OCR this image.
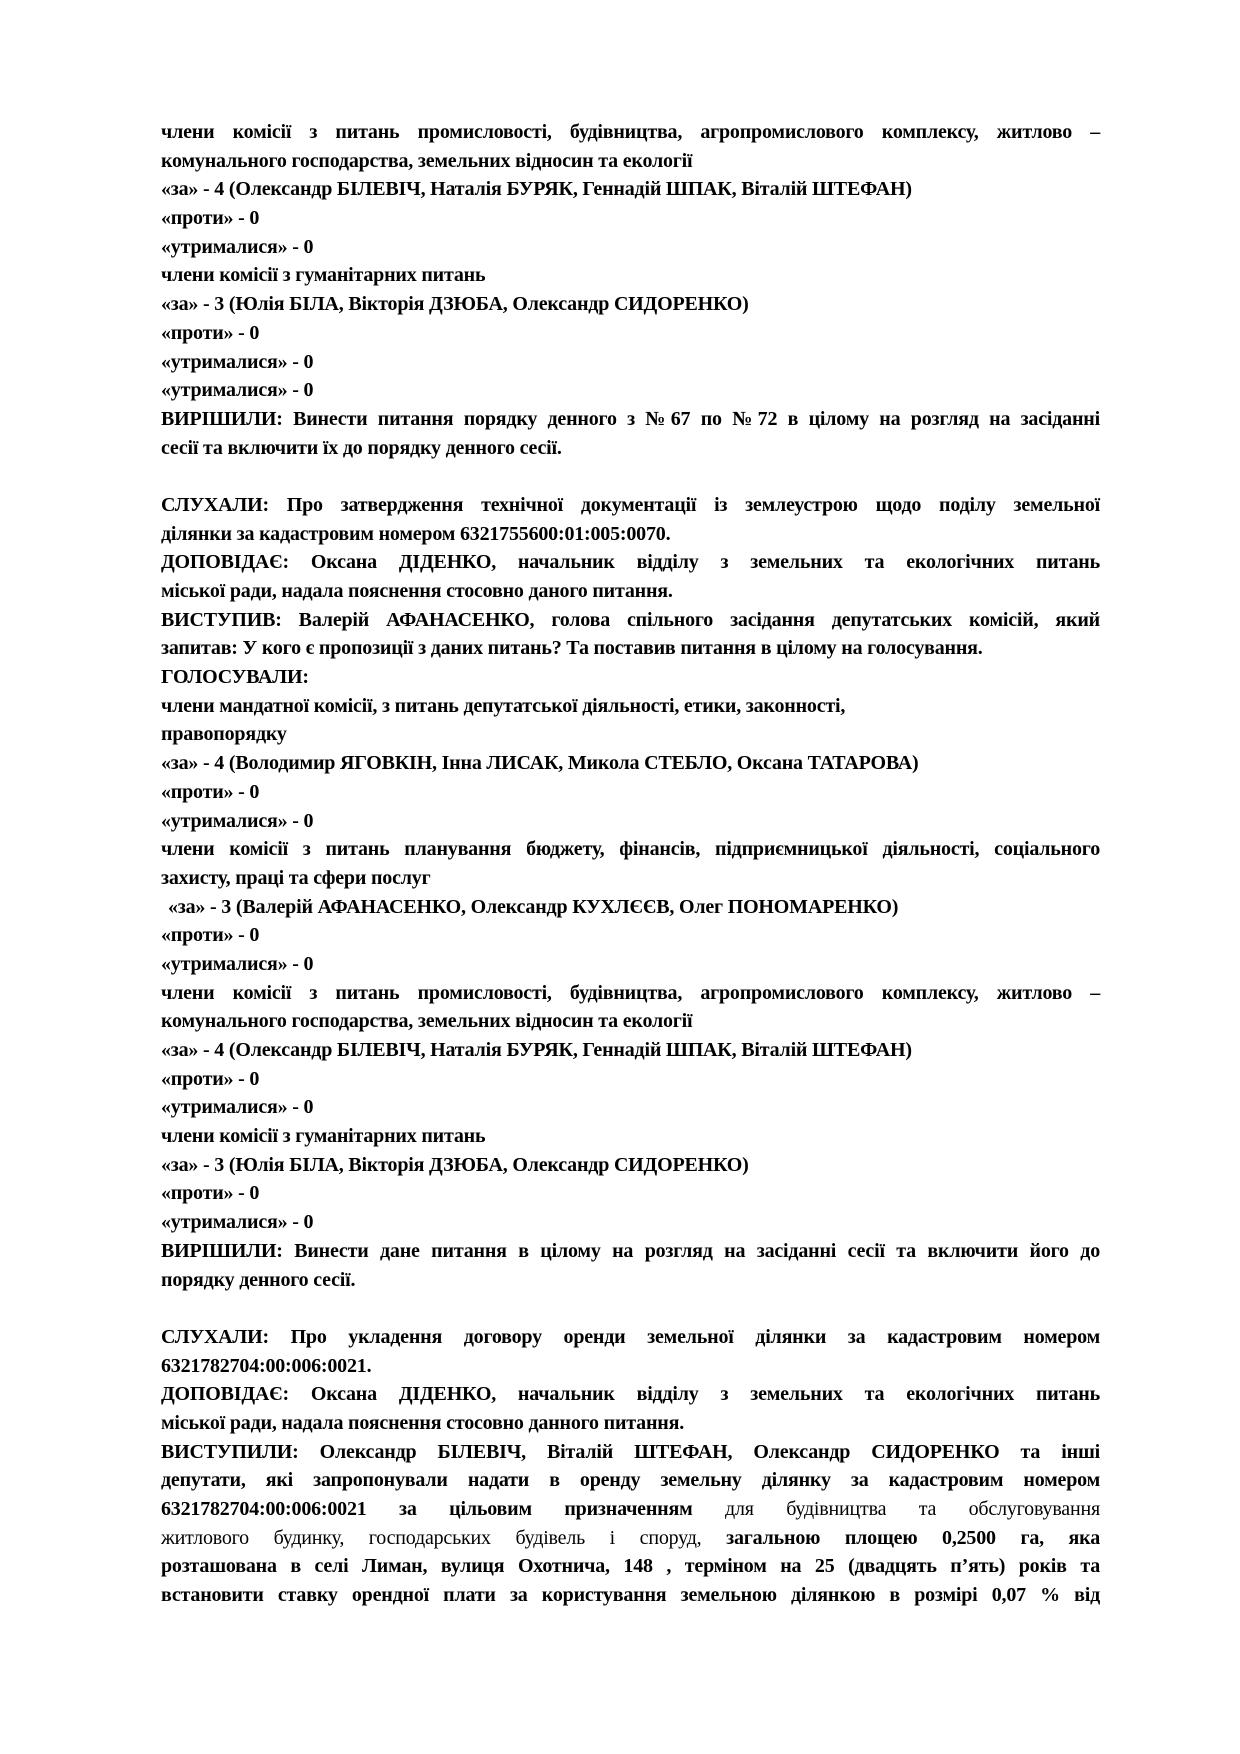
члени комісії з питань промисловості, будівництва, агропромислового комплексу, житлово –
комунального господарства, земельних відносин та екології
«за» - 4 (Олександр БІЛЕВІЧ, Наталія БУРЯК, Геннадій ШПАК, Віталій ШТЕФАН)
«проти» - 0
«утрималися» - 0
члени комісії з гуманітарних питань
«за» - 3 (Юлія БІЛА, Вікторія ДЗЮБА, Олександр СИДОРЕНКО)
«проти» - 0
«утрималися» - 0
«утрималися» - 0
ВИРІШИЛИ: Винести питання порядку денного з №67 по №72 в цілому на розгляд на засіданні
сесії та включити їх до порядку денного сесії.
СЛУХАЛИ: Про затвердження технічної документації із землеустрою щодо поділу земельної
ділянки за кадастровим номером 6321755600:01:005:0070.
ДОПОВІДАЄ: Оксана ДІДЕНКО, начальник відділу з земельних та екологічних питань
міської ради, надала пояснення стосовно даного питання.
ВИСТУПИВ: Валерій АФАНАСЕНКО, голова спільного засідання депутатських комісій, який
запитав: У кого є пропозиції з даних питань? Та поставив питання в цілому на голосування.
ГОЛОСУВАЛИ:
члени мандатної комісії, з питань депутатської діяльності, етики, законності,
правопорядку
«за» - 4 (Володимир ЯГОВКІН, Інна ЛИСАК, Микола СТЕБЛО, Оксана ТАТАРОВА)
«проти» - 0
«утрималися» - 0
члени комісії з питань планування бюджету, фінансів, підприємницької діяльності, соціального
захисту, праці та сфери послуг
«за» - 3 (Валерій АФАНАСЕНКО, Олександр КУХЛЄЄВ, Олег ПОНОМАРЕНКО)
«проти» - 0
«утрималися» - 0
члени комісії з питань промисловості, будівництва, агропромислового комплексу, житлово –
комунального господарства, земельних відносин та екології
«за» - 4 (Олександр БІЛЕВІЧ, Наталія БУРЯК, Геннадій ШПАК, Віталій ШТЕФАН)
«проти» - 0
«утрималися» - 0
члени комісії з гуманітарних питань
«за» - 3 (Юлія БІЛА, Вікторія ДЗЮБА, Олександр СИДОРЕНКО)
«проти» - 0
«утрималися» - 0
ВИРІШИЛИ: Винести дане питання в цілому на розгляд на засіданні сесії та включити його до
порядку денного сесії.
СЛУХАЛИ: Про укладення договору оренди земельної ділянки за кадастровим номером
6321782704:00:006:0021.
ДОПОВІДАЄ: Оксана ДІДЕНКО, начальник відділу з земельних та екологічних питань
міської ради, надала пояснення стосовно данного питання.
ВИСТУПИЛИ: Олександр БІЛЕВІЧ, Віталій ШТЕФАН, Олександр СИДОРЕНКО та інші
депутати, які запропонували надати в оренду земельну ділянку за кадастровим номером
6321782704:00:006:0021 за цільовим призначенням для будівництва та обслуговування
житлового будинку, господарських будівель і споруд, загальною площею 0,2500 га, яка
розташована в селі Лиман, вулиця Охотнича, 148 , терміном на 25 (двадцять п’ять) років та
встановити ставку орендної плати за користування земельною ділянкою в розмірі 0,07 % від
